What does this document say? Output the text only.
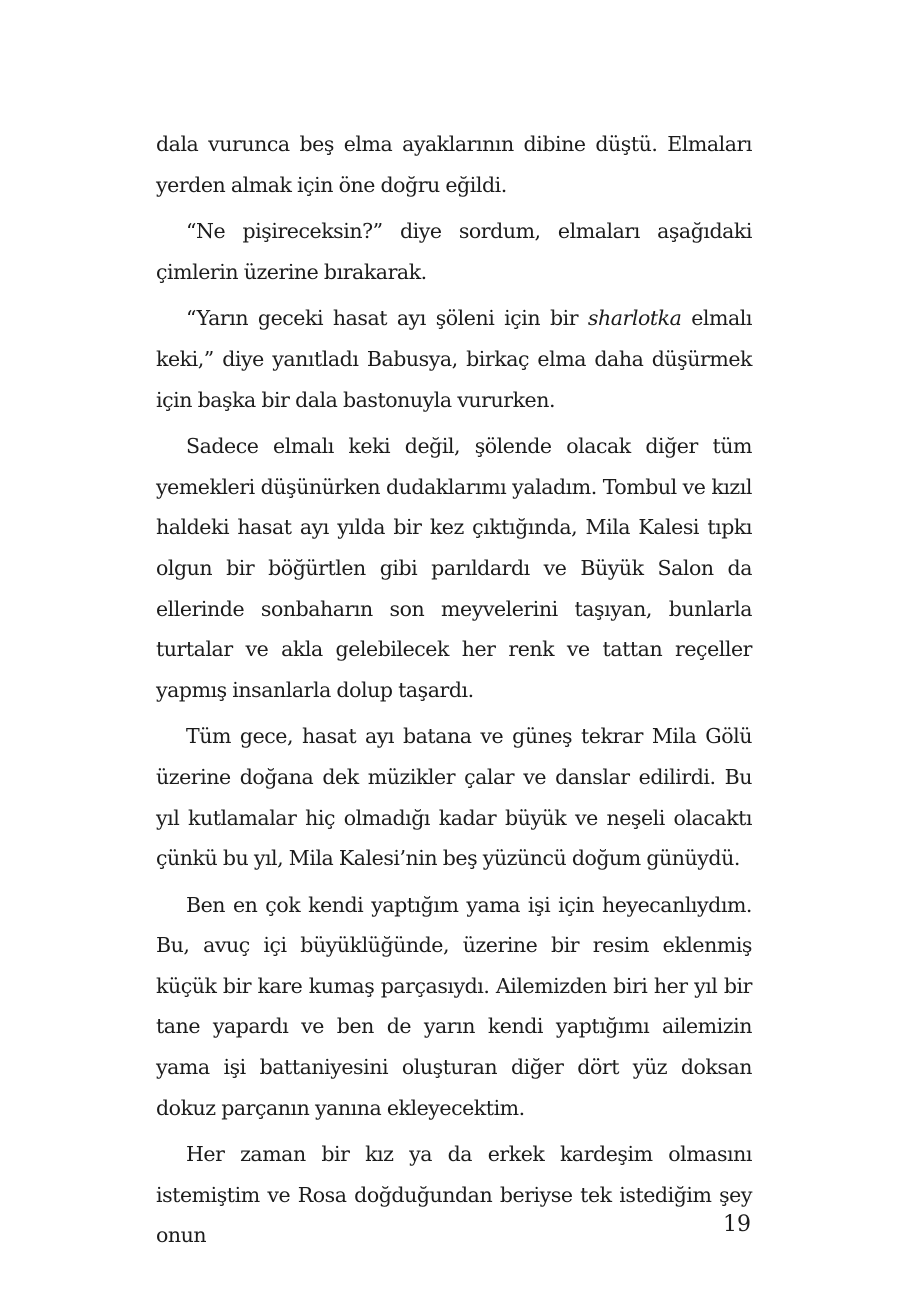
dala vurunca beş elma ayaklarının dibine düştü. Elmaları yerden almak için öne doğru eğildi.

“Ne pişireceksin?” diye sordum, elmaları aşağıdaki çimlerin üzerine bırakarak.

“Yarın geceki hasat ayı şöleni için bir sharlotka elmalı keki,” diye yanıtladı Babusya, birkaç elma daha düşürmek için başka bir dala bastonuyla vururken.

Sadece elmalı keki değil, şölende olacak diğer tüm yemekleri düşünürken dudaklarımı yaladım. Tombul ve kızıl haldeki hasat ayı yılda bir kez çıktığında, Mila Kalesi tıpkı olgun bir böğürtlen gibi parıldardı ve Büyük Salon da ellerinde sonbaharın son meyvelerini taşıyan, bunlarla turtalar ve akla gelebilecek her renk ve tattan reçeller yapmış insanlarla dolup taşardı.

Tüm gece, hasat ayı batana ve güneş tekrar Mila Gölü üzerine doğana dek müzikler çalar ve danslar edilirdi. Bu yıl kutlamalar hiç olmadığı kadar büyük ve neşeli olacaktı çünkü bu yıl, Mila Kalesi’nin beş yüzüncü doğum günüydü.

Ben en çok kendi yaptığım yama işi için heyecanlıydım. Bu, avuç içi büyüklüğünde, üzerine bir resim eklenmiş küçük bir kare kumaş parçasıydı. Ailemizden biri her yıl bir tane yapardı ve ben de yarın kendi yaptığımı ailemizin yama işi battaniyesini oluşturan diğer dört yüz doksan dokuz parçanın yanına ekleyecektim.

Her zaman bir kız ya da erkek kardeşim olmasını istemiştim ve Rosa doğduğundan beriyse tek istediğim şey onun	19
